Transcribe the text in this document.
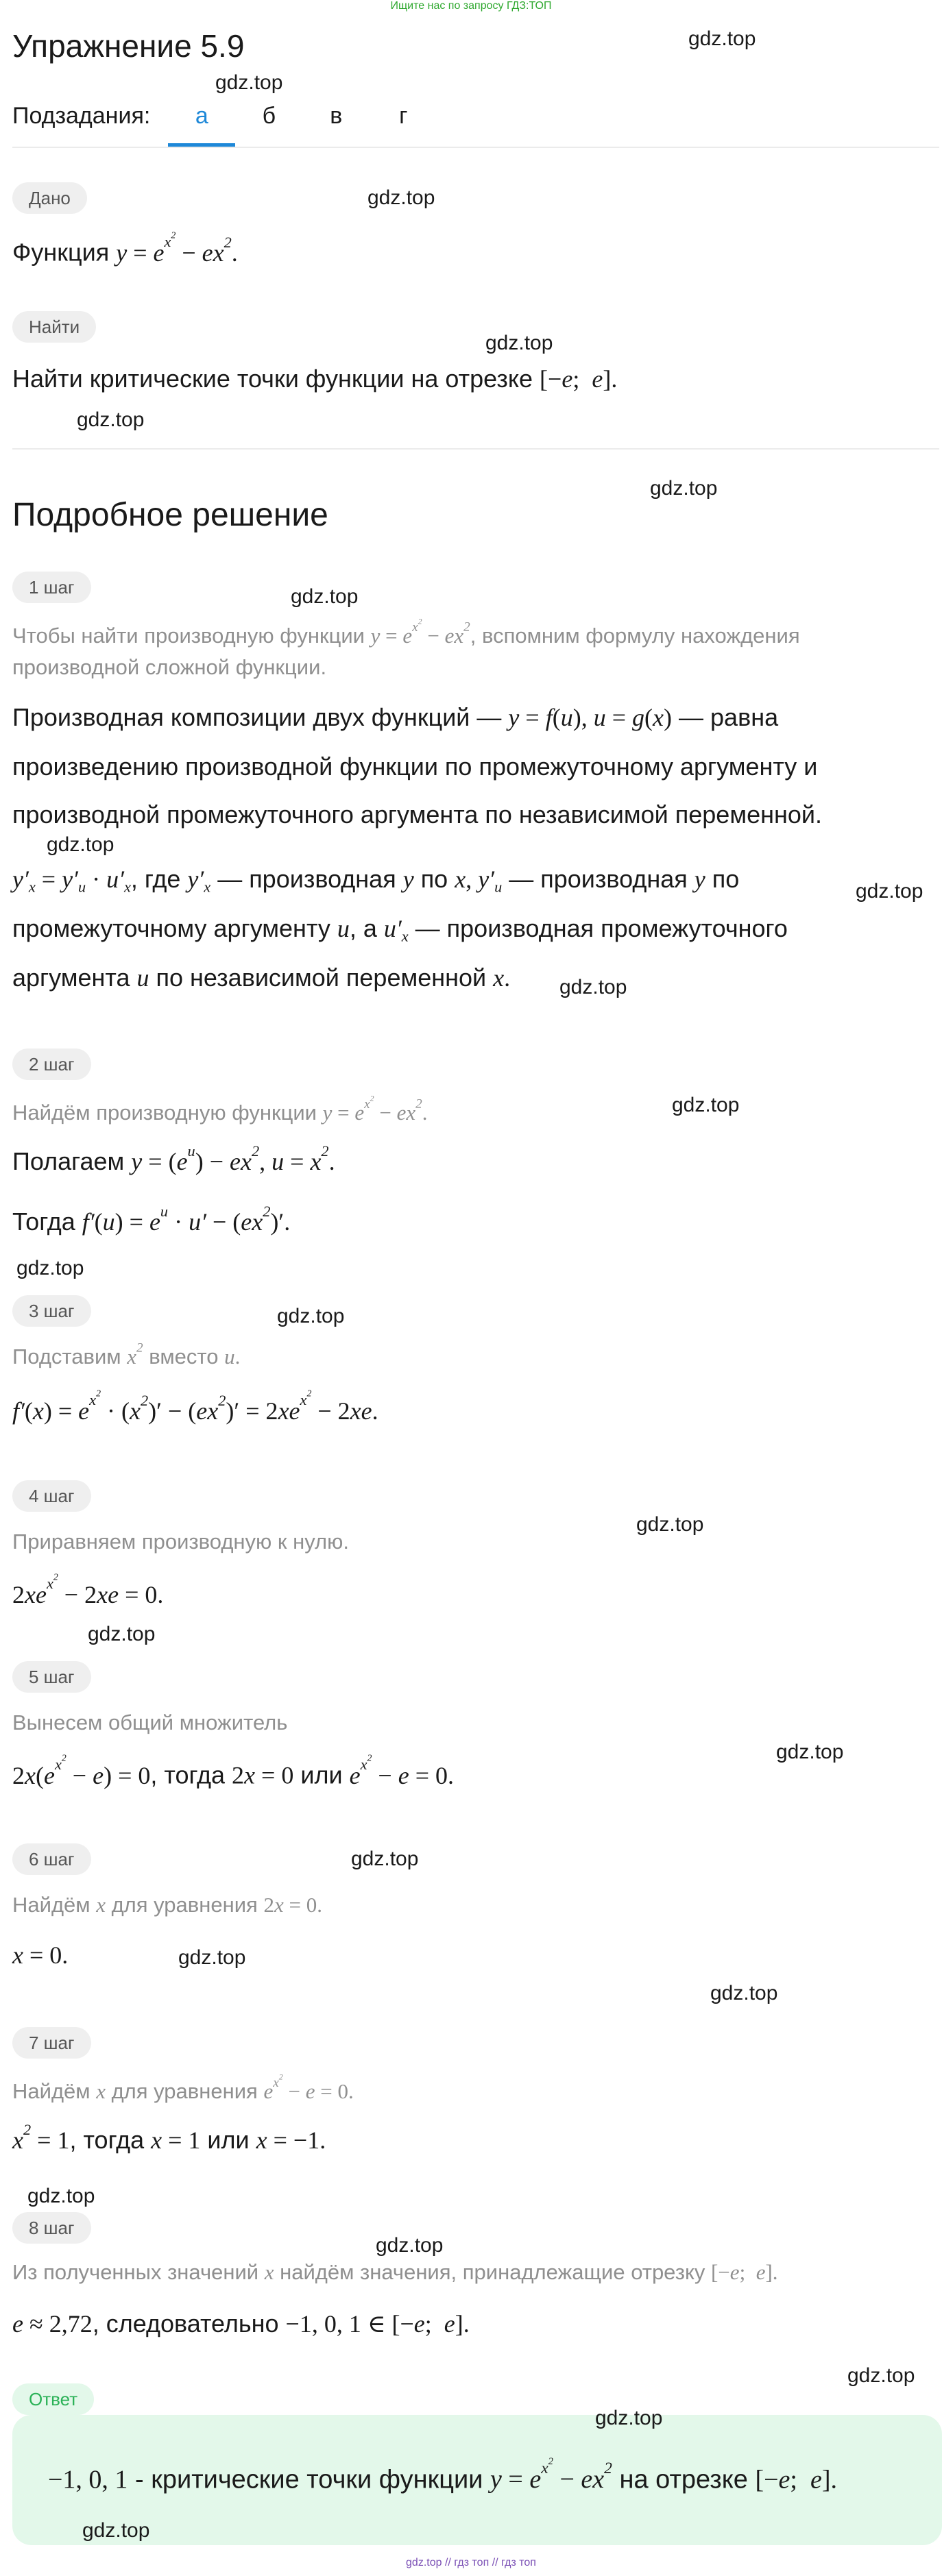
Ищите нас по запросу ГДЗ:ТОП
Упражнение 5.9
Подзадания:	а	б	в	г
Дано
Функция $y = e^{x^2} - ex^2$.
Найти
Найти критические точки функции на отрезке [−e;  e].
Подробное решение
1 шаг
Чтобы найти производную функции $y = e^{x^2} - ex^2$, вспомним формулу нахождения
производной сложной функции.
Производная композиции двух функций — y = f(u), u = g(x) — равна
произведению производной функции по промежуточному аргументу и
производной промежуточного аргумента по независимой переменной.
$y'_x = y'_u \cdot u'_x$, где $y'_x$ — производная y по x, $y'_u$ — производная y по
промежуточному аргументу u, а $u'_x$ — производная промежуточного
аргумента u по независимой переменной x.
2 шаг
Найдём производную функции $y = e^{x^2} - ex^2$.
Полагаем $y = (e^u) - ex^2$, $u = x^2$.
Тогда $f'(u) = e^u \cdot u' - (ex^2)'$.
3 шаг
Подставим $x^2$ вместо u.
$f'(x) = e^{x^2} \cdot (x^2)' - (ex^2)' = 2xe^{x^2} - 2xe$.
4 шаг
Приравняем производную к нулю.
$2xe^{x^2} - 2xe = 0$.
5 шаг
Вынесем общий множитель
$2x(e^{x^2} - e) = 0$, тогда 2x = 0 или $e^{x^2} - e = 0$.
6 шаг
Найдём x для уравнения 2x = 0.
x = 0.
7 шаг
Найдём x для уравнения $e^{x^2} - e = 0$.
$x^2 = 1$, тогда x = 1 или x = −1.
8 шаг
Из полученных значений x найдём значения, принадлежащие отрезку [−e;  e].
e ≈ 2,72, следовательно −1, 0, 1 ∈ [−e;  e].
Ответ
−1, 0, 1 - критические точки функции $y = e^{x^2} - ex^2$ на отрезке [−e;  e].
gdz.top
gdz.top
gdz.top
gdz.top
gdz.top
gdz.top
gdz.top
gdz.top
gdz.top
gdz.top
gdz.top
gdz.top
gdz.top
gdz.top
gdz.top
gdz.top
gdz.top
gdz.top
gdz.top
gdz.top
gdz.top
gdz.top
gdz.top
gdz.top
gdz.top // гдз топ // гдз топ
